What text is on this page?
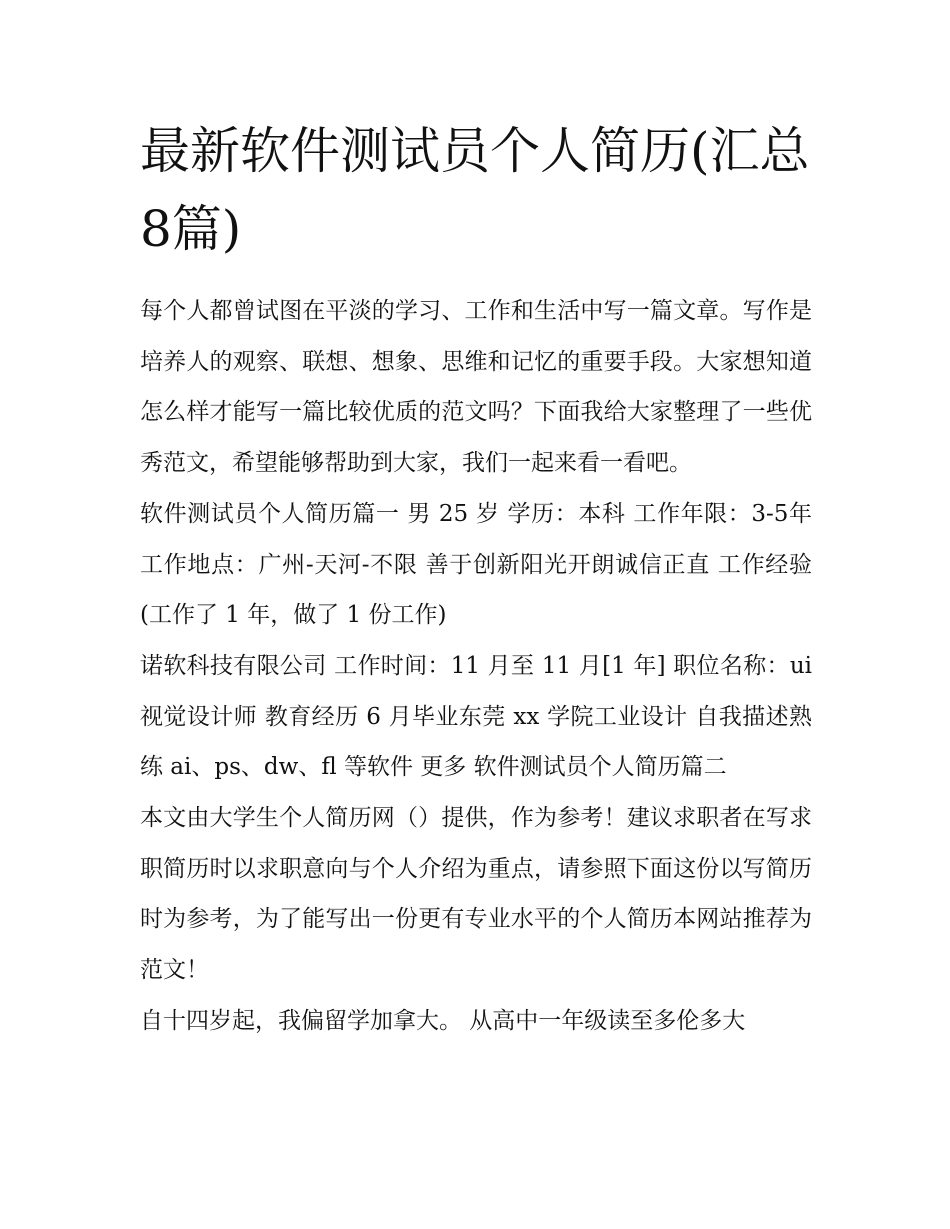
最新软件测试员个人简历(汇总8篇)

每个人都曾试图在平淡的学习、工作和生活中写一篇文章。写作是培养人的观察、联想、想象、思维和记忆的重要手段。大家想知道怎么样才能写一篇比较优质的范文吗？下面我给大家整理了一些优秀范文，希望能够帮助到大家，我们一起来看一看吧。

软件测试员个人简历篇一 男 25 岁 学历：本科 工作年限：3-5年 工作地点：广州-天河-不限 善于创新阳光开朗诚信正直 工作经验(工作了 1 年，做了 1 份工作)

诺软科技有限公司 工作时间：11 月至 11 月[1 年] 职位名称：ui视觉设计师 教育经历 6 月毕业东莞 xx 学院工业设计 自我描述熟练 ai、ps、dw、fl 等软件 更多 软件测试员个人简历篇二

本文由大学生个人简历网（）提供，作为参考！建议求职者在写求职简历时以求职意向与个人介绍为重点，请参照下面这份以写简历时为参考，为了能写出一份更有专业水平的个人简历本网站推荐为范文！

自十四岁起，我偏留学加拿大。 从高中一年级读至多伦多大
